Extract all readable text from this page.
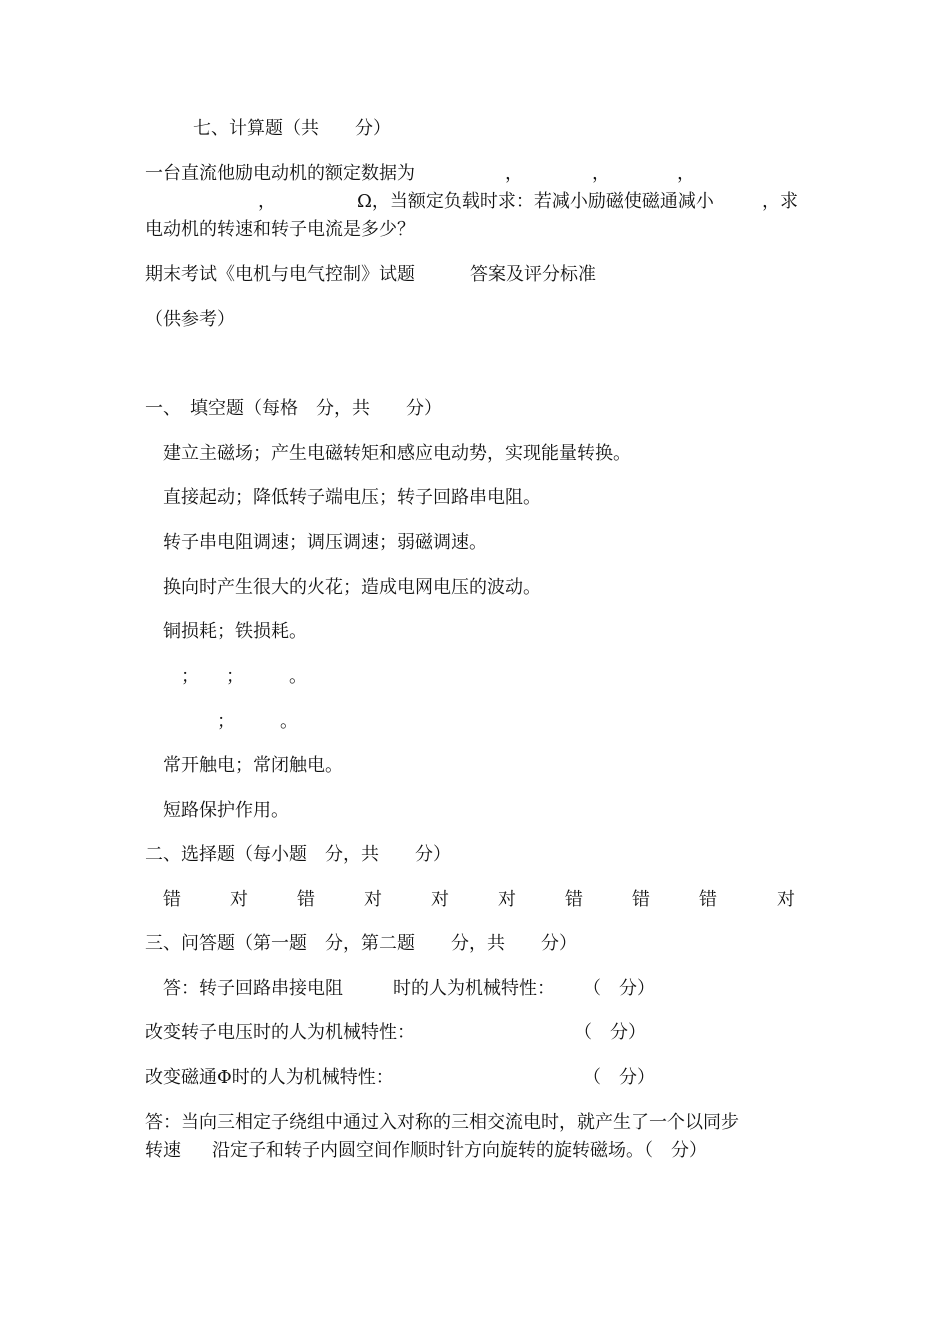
七、计算题（共　　分）
一台直流他励电动机的额定数据为	，	，	，
，	Ω，当额定负载时求：若减小励磁使磁通减小	，求
电动机的转速和转子电流是多少？
期末考试《电机与电气控制》试题	答案及评分标准
（供参考）
一、　填空题（每格　分，共　　分）
建立主磁场；产生电磁转矩和感应电动势，实现能量转换。
直接起动；降低转子端电压；转子回路串电阻。
转子串电阻调速；调压调速；弱磁调速。
换向时产生很大的火花；造成电网电压的波动。
铜损耗；铁损耗。
；　　；　　　。
；　　　。
常开触电；常闭触电。
短路保护作用。
二、选择题（每小题　分，共　　分）
错	对	错	对	对	对	错	错	错	对
三、问答题（第一题　分，第二题　　分，共　　分）
答：转子回路串接电阻	时的人为机械特性： （　分）
改变转子电压时的人为机械特性：	（　分）
改变磁通Φ时的人为机械特性：	（　分）
答：当向三相定子绕组中通过入对称的三相交流电时，就产生了一个以同步
转速 沿定子和转子内圆空间作顺时针方向旋转的旋转磁场。（　分）
